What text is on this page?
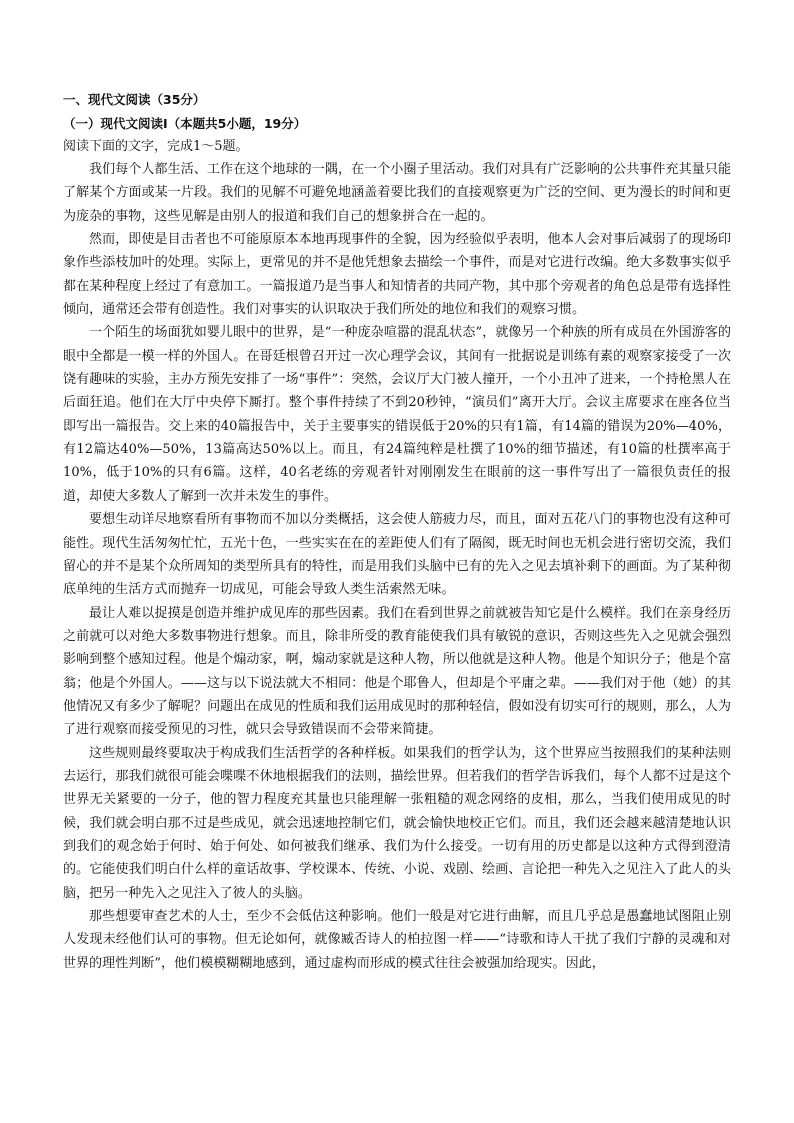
一、现代文阅读（35分）

（一）现代文阅读Ⅰ（本题共5小题，19分）

阅读下面的文字，完成1～5题。

我们每个人都生活、工作在这个地球的一隅，在一个小圈子里活动。我们对具有广泛影响的公共事件充其量只能了解某个方面或某一片段。我们的见解不可避免地涵盖着要比我们的直接观察更为广泛的空间、更为漫长的时间和更为庞杂的事物，这些见解是由别人的报道和我们自己的想象拼合在一起的。

然而，即使是目击者也不可能原原本本地再现事件的全貌，因为经验似乎表明，他本人会对事后减弱了的现场印象作些添枝加叶的处理。实际上，更常见的并不是他凭想象去描绘一个事件，而是对它进行改编。绝大多数事实似乎都在某种程度上经过了有意加工。一篇报道乃是当事人和知情者的共同产物，其中那个旁观者的角色总是带有选择性倾向，通常还会带有创造性。我们对事实的认识取决于我们所处的地位和我们的观察习惯。

一个陌生的场面犹如婴儿眼中的世界，是“一种庞杂喧嚣的混乱状态”，就像另一个种族的所有成员在外国游客的眼中全都是一模一样的外国人。在哥廷根曾召开过一次心理学会议，其间有一批据说是训练有素的观察家接受了一次饶有趣味的实验，主办方预先安排了一场“事件”：突然，会议厅大门被人撞开，一个小丑冲了进来，一个持枪黑人在后面狂追。他们在大厅中央停下厮打。整个事件持续了不到20秒钟，“演员们”离开大厅。会议主席要求在座各位当即写出一篇报告。交上来的40篇报告中，关于主要事实的错误低于20%的只有1篇，有14篇的错误为20%—40%，有12篇达40%—50%，13篇高达50%以上。而且，有24篇纯粹是杜撰了10%的细节描述，有10篇的杜撰率高于10%，低于10%的只有6篇。这样，40名老练的旁观者针对刚刚发生在眼前的这一事件写出了一篇很负责任的报道，却使大多数人了解到一次并未发生的事件。

要想生动详尽地察看所有事物而不加以分类概括，这会使人筋疲力尽，而且，面对五花八门的事物也没有这种可能性。现代生活匆匆忙忙，五光十色，一些实实在在的差距使人们有了隔阂，既无时间也无机会进行密切交流，我们留心的并不是某个众所周知的类型所具有的特性，而是用我们头脑中已有的先入之见去填补剩下的画面。为了某种彻底单纯的生活方式而抛弃一切成见，可能会导致人类生活索然无味。

最让人难以捉摸是创造并维护成见库的那些因素。我们在看到世界之前就被告知它是什么模样。我们在亲身经历之前就可以对绝大多数事物进行想象。而且，除非所受的教育能使我们具有敏锐的意识，否则这些先入之见就会强烈影响到整个感知过程。他是个煽动家，啊，煽动家就是这种人物，所以他就是这种人物。他是个知识分子；他是个富翁；他是个外国人。——这与以下说法就大不相同：他是个耶鲁人，但却是个平庸之辈。——我们对于他（她）的其他情况又有多少了解呢？问题出在成见的性质和我们运用成见时的那种轻信，假如没有切实可行的规则，那么，人为了进行观察而接受预见的习性，就只会导致错误而不会带来简捷。

这些规则最终要取决于构成我们生活哲学的各种样板。如果我们的哲学认为，这个世界应当按照我们的某种法则去运行，那我们就很可能会喋喋不休地根据我们的法则，描绘世界。但若我们的哲学告诉我们，每个人都不过是这个世界无关紧要的一分子，他的智力程度充其量也只能理解一张粗糙的观念网络的皮相，那么，当我们使用成见的时候，我们就会明白那不过是些成见，就会迅速地控制它们，就会愉快地校正它们。而且，我们还会越来越清楚地认识到我们的观念始于何时、始于何处、如何被我们继承、我们为什么接受。一切有用的历史都是以这种方式得到澄清的。它能使我们明白什么样的童话故事、学校课本、传统、小说、戏剧、绘画、言论把一种先入之见注入了此人的头脑，把另一种先入之见注入了彼人的头脑。

那些想要审查艺术的人士，至少不会低估这种影响。他们一般是对它进行曲解，而且几乎总是愚蠢地试图阻止别人发现未经他们认可的事物。但无论如何，就像臧否诗人的柏拉图一样——“诗歌和诗人干扰了我们宁静的灵魂和对世界的理性判断”，他们模模糊糊地感到，通过虚构而形成的模式往往会被强加给现实。因此，
